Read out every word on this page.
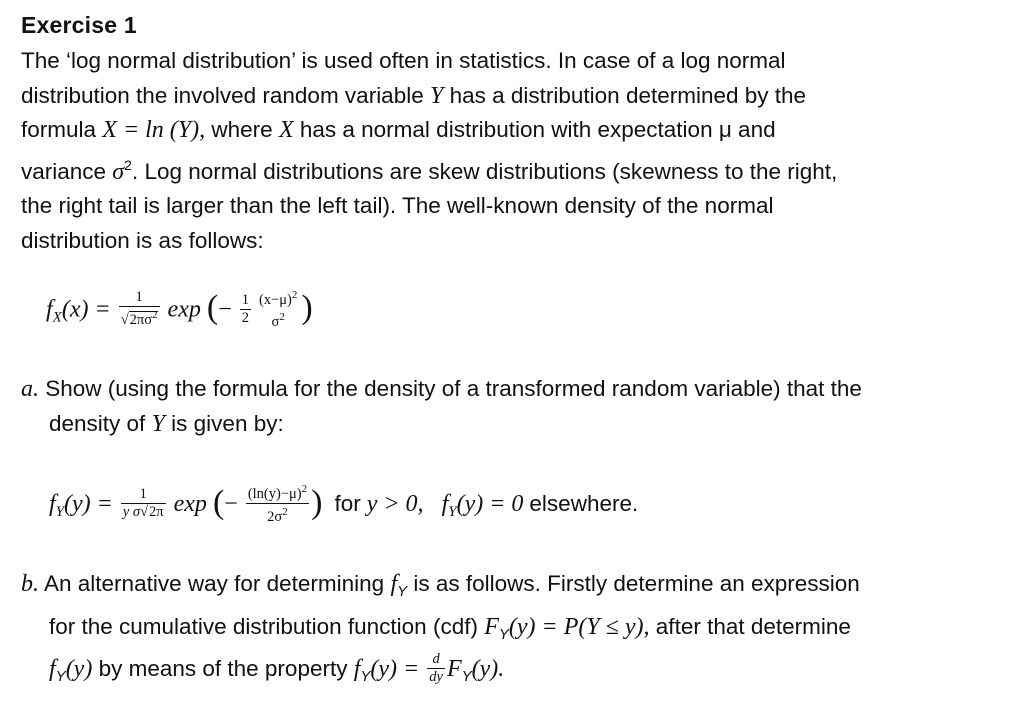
Exercise 1
The ‘log normal distribution’ is used often in statistics. In case of a log normal
distribution the involved random variable Y has a distribution determined by the
formula X = ln (Y), where X has a normal distribution with expectation μ and
variance $\sigma^2$. Log normal distributions are skew distributions (skewness to the right,
the right tail is larger than the left tail). The well-known density of the normal
distribution is as follows:
$f_X(x) = \frac{1}{√2\pi\sigma^2}$ exp (− $\frac{1}{2}$
$(x-\mu)^2$
$\sigma^2$ )
a. Show (using the formula for the density of a transformed random variable) that the
density of Y is given by:
$f_Y(y) = \frac{1}{\text{y σ√2π}}$ exp (− $\frac{(\ln(y)-\mu)^2}{2\sigma^2}$ ) for y > 0, $f_Y(y) = 0$ elsewhere.
b. An alternative way for determining $f_Y$ is as follows. Firstly determine an expression
for the cumulative distribution function (cdf) $F_Y(y) = P(Y \le y)$, after that determine
$f_Y(y)$ by means of the property $f_Y(y) = \frac{d}{dy} F_Y(y)$.
